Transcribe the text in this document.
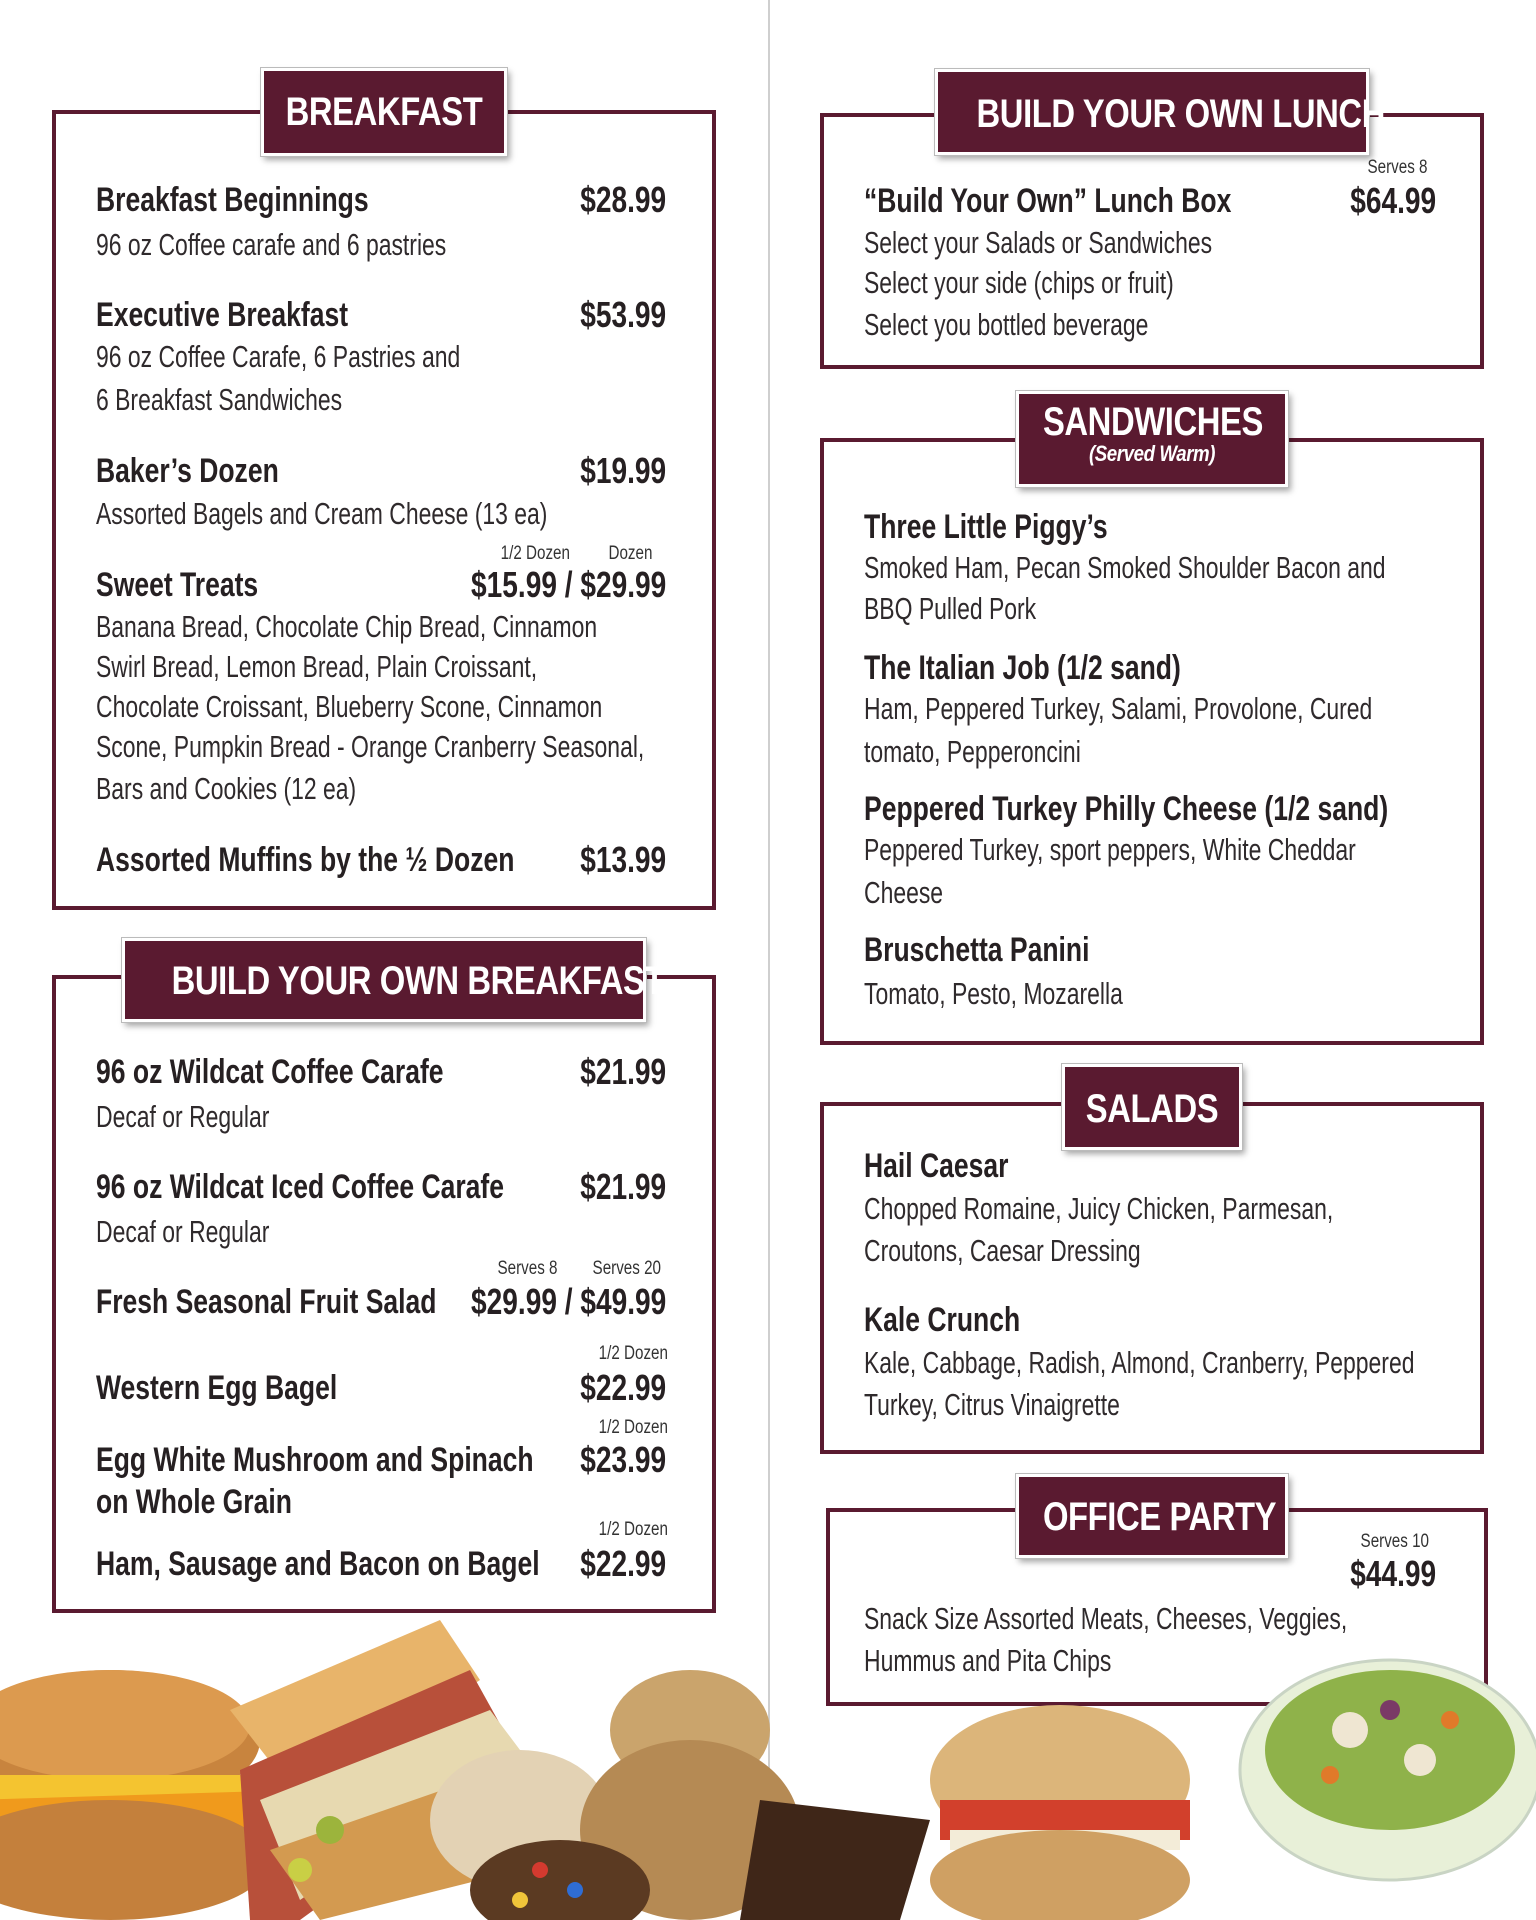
BREAKFAST
Breakfast Beginnings	$28.99
96 oz Coffee carafe and 6 pastries
Executive Breakfast	$53.99
96 oz Coffee Carafe, 6 Pastries and
6 Breakfast Sandwiches
Baker’s Dozen	$19.99
Assorted Bagels and Cream Cheese (13 ea)
1/2 Dozen Dozen
Sweet Treats	$15.99 / $29.99
Banana Bread, Chocolate Chip Bread, Cinnamon
Swirl Bread, Lemon Bread, Plain Croissant,
Chocolate Croissant, Blueberry Scone, Cinnamon
Scone, Pumpkin Bread - Orange Cranberry Seasonal,
Bars and Cookies (12 ea)
Assorted Muffins by the ½ Dozen $13.99
BUILD YOUR OWN BREAKFAST
96 oz Wildcat Coffee Carafe	$21.99
Decaf or Regular
96 oz Wildcat Iced Coffee Carafe $21.99
Decaf or Regular
Serves 8 Serves 20
Fresh Seasonal Fruit Salad $29.99 / $49.99
1/2 Dozen
Western Egg Bagel	$22.99
1/2 Dozen
Egg White Mushroom and Spinach
on Whole Grain
$23.99
1/2 Dozen
Ham, Sausage and Bacon on Bagel $22.99
BUILD YOUR OWN LUNCH
Serves 8
“Build Your Own” Lunch Box	$64.99
Select your Salads or Sandwiches
Select your side (chips or fruit)
Select you bottled beverage
SANDWICHES
(Served Warm)
Three Little Piggy’s
Smoked Ham, Pecan Smoked Shoulder Bacon and
BBQ Pulled Pork
The Italian Job (1/2 sand)
Ham, Peppered Turkey, Salami, Provolone, Cured
tomato, Pepperoncini
Peppered Turkey Philly Cheese (1/2 sand)
Peppered Turkey, sport peppers, White Cheddar
Cheese
Bruschetta Panini
Tomato, Pesto, Mozarella
SALADS
Hail Caesar
Chopped Romaine, Juicy Chicken, Parmesan,
Croutons, Caesar Dressing
Kale Crunch
Kale, Cabbage, Radish, Almond, Cranberry, Peppered
Turkey, Citrus Vinaigrette
OFFICE PARTY
Serves 10
$44.99
Snack Size Assorted Meats, Cheeses, Veggies,
Hummus and Pita Chips
